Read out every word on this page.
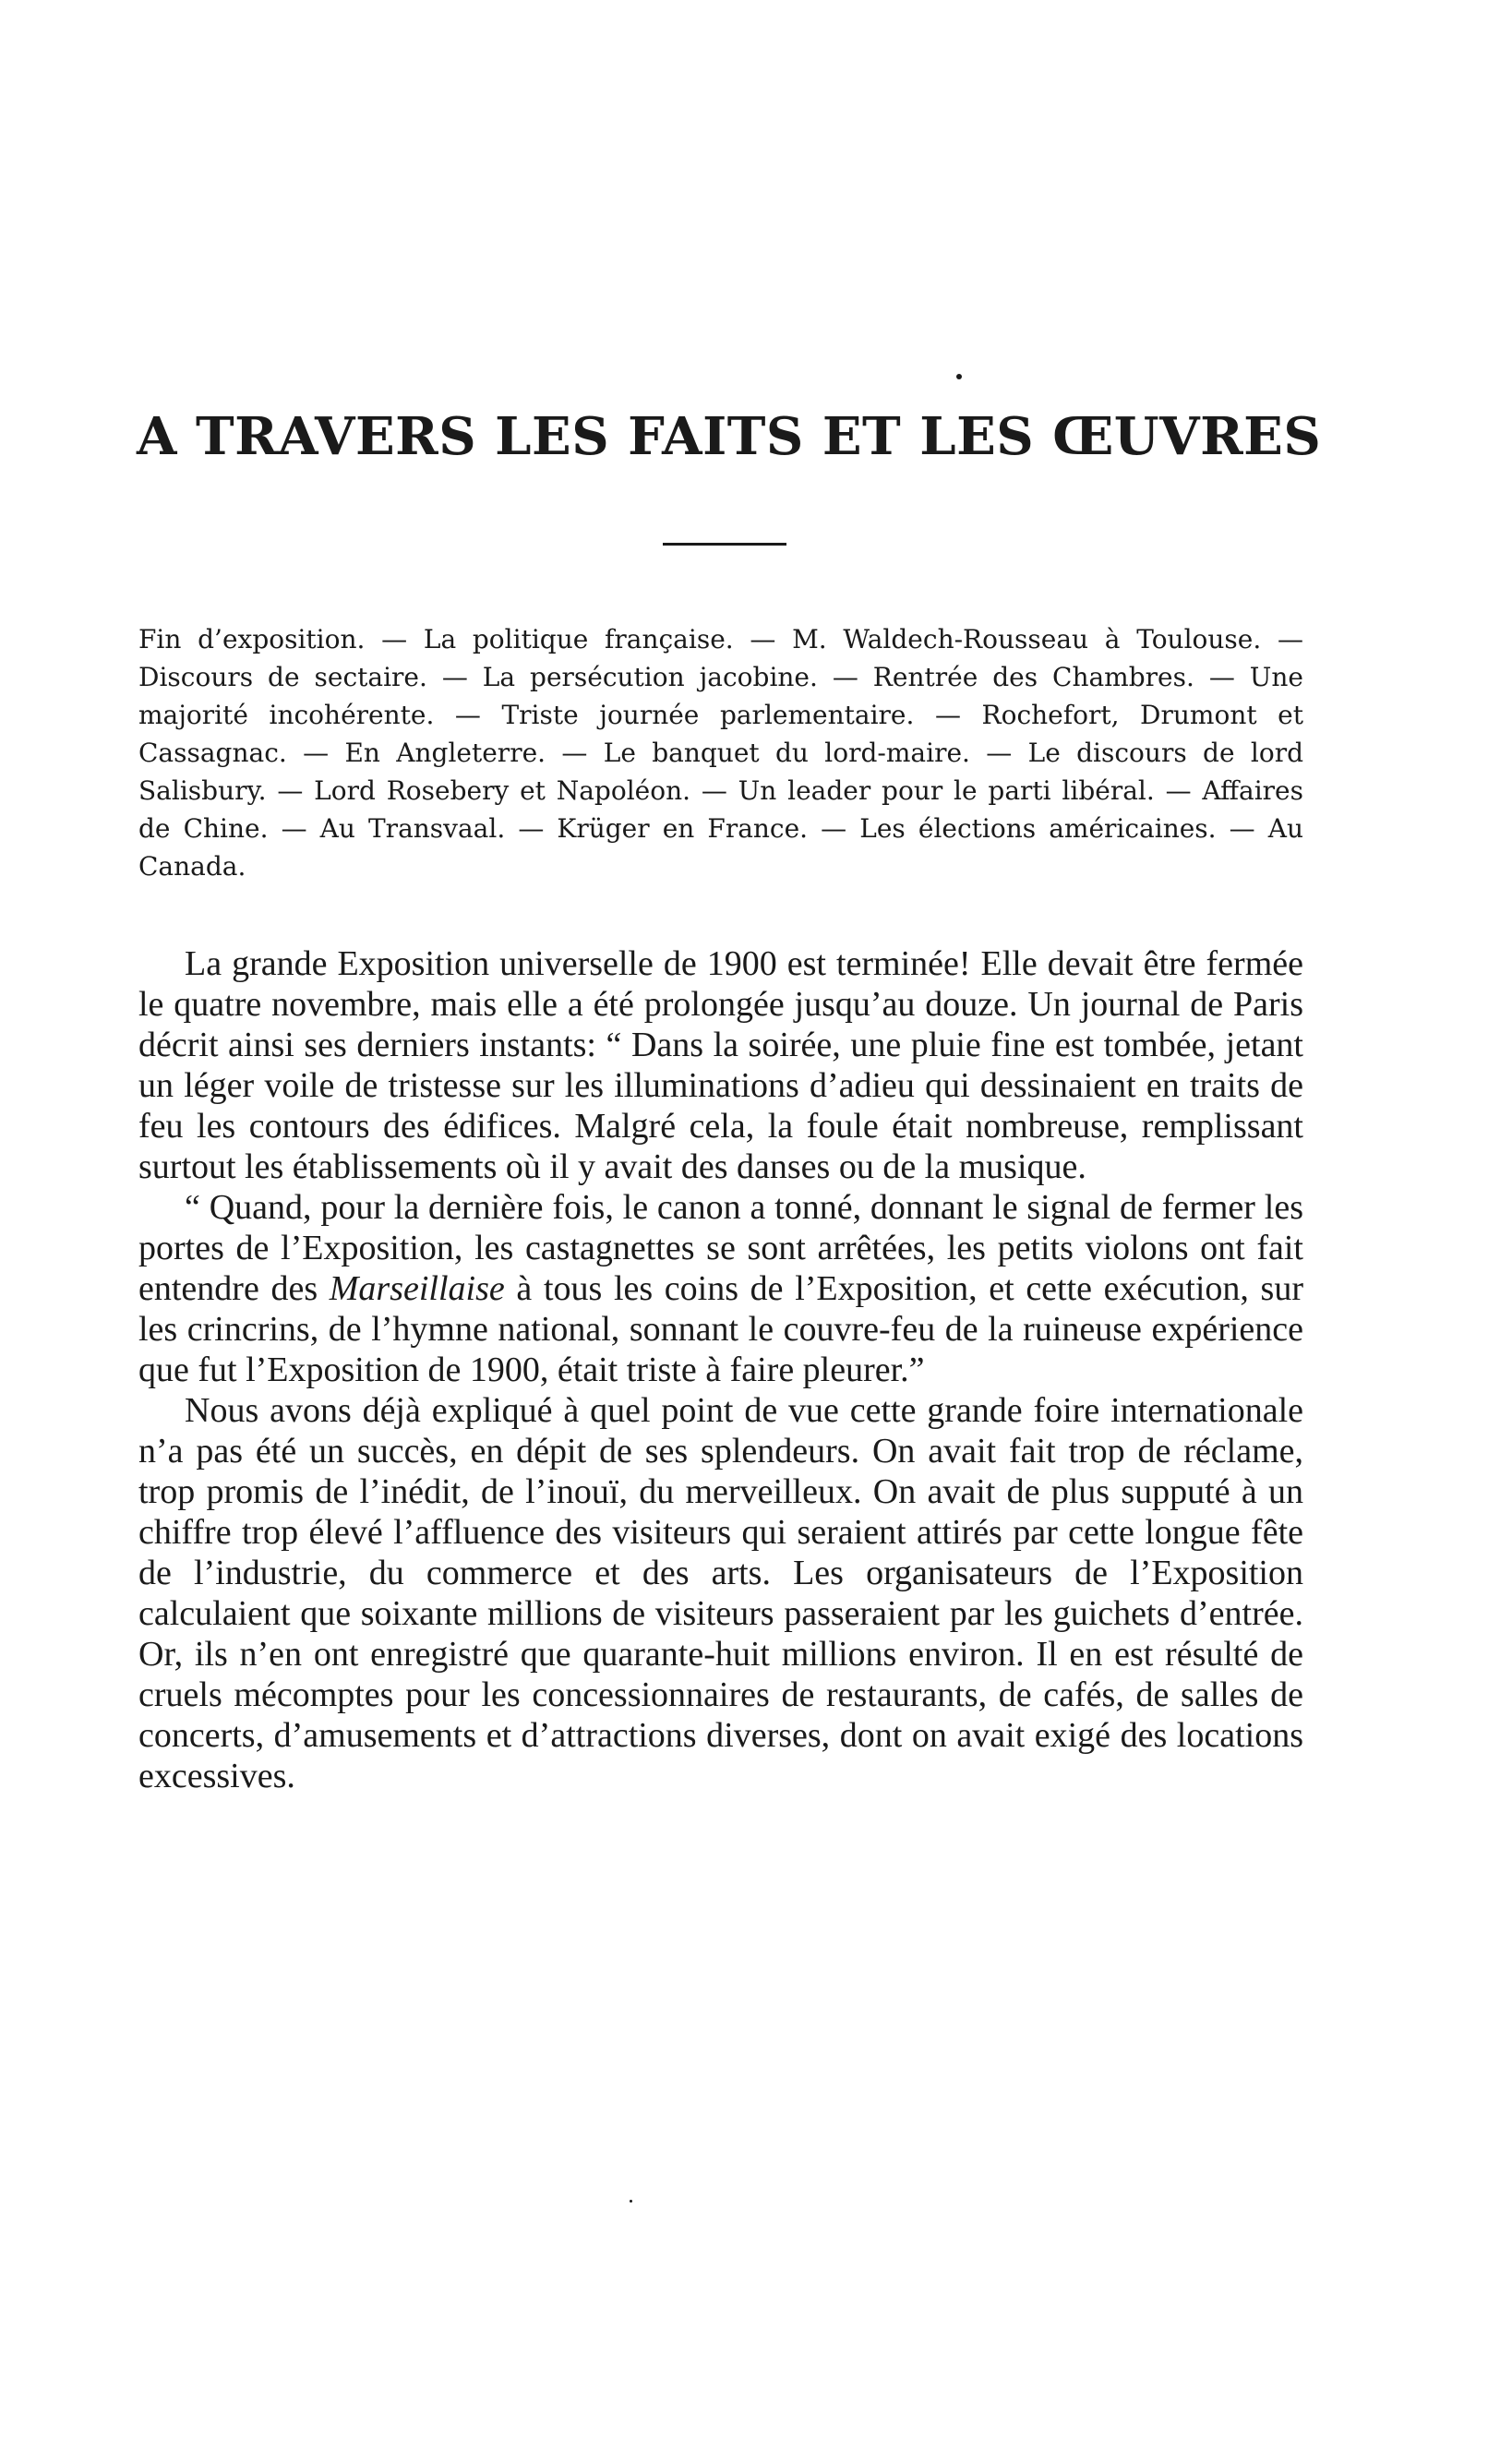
A TRAVERS LES FAITS ET LES ŒUVRES

Fin d’exposition. — La politique française. — M. Waldech-Rousseau à Toulouse. — Discours de sectaire. — La persécution jacobine. — Rentrée des Chambres. — Une majorité incohérente. — Triste journée parlementaire. — Rochefort, Drumont et Cassagnac. — En Angleterre. — Le banquet du lord-maire. — Le discours de lord Salisbury. — Lord Rosebery et Napoléon. — Un leader pour le parti libéral. — Affaires de Chine. — Au Transvaal. — Krüger en France. — Les élections américaines. — Au Canada.

La grande Exposition universelle de 1900 est terminée! Elle devait être fermée le quatre novembre, mais elle a été prolongée jusqu’au douze. Un journal de Paris décrit ainsi ses derniers instants: “ Dans la soirée, une pluie fine est tombée, jetant un léger voile de tristesse sur les illuminations d’adieu qui dessinaient en traits de feu les contours des édifices. Malgré cela, la foule était nombreuse, remplissant surtout les établissements où il y avait des danses ou de la musique.

“ Quand, pour la dernière fois, le canon a tonné, donnant le signal de fermer les portes de l’Exposition, les castagnettes se sont arrêtées, les petits violons ont fait entendre des Marseillaise à tous les coins de l’Exposition, et cette exécution, sur les crincrins, de l’hymne national, sonnant le couvre-feu de la ruineuse expérience que fut l’Exposition de 1900, était triste à faire pleurer.”

Nous avons déjà expliqué à quel point de vue cette grande foire internationale n’a pas été un succès, en dépit de ses splendeurs. On avait fait trop de réclame, trop promis de l’inédit, de l’inouï, du merveilleux. On avait de plus supputé à un chiffre trop élevé l’affluence des visiteurs qui seraient attirés par cette longue fête de l’industrie, du commerce et des arts. Les organisateurs de l’Exposition calculaient que soixante millions de visiteurs passeraient par les guichets d’entrée. Or, ils n’en ont enregistré que quarante-huit millions environ. Il en est résulté de cruels mécomptes pour les concessionnaires de restaurants, de cafés, de salles de concerts, d’amusements et d’attractions diverses, dont on avait exigé des locations excessives.
